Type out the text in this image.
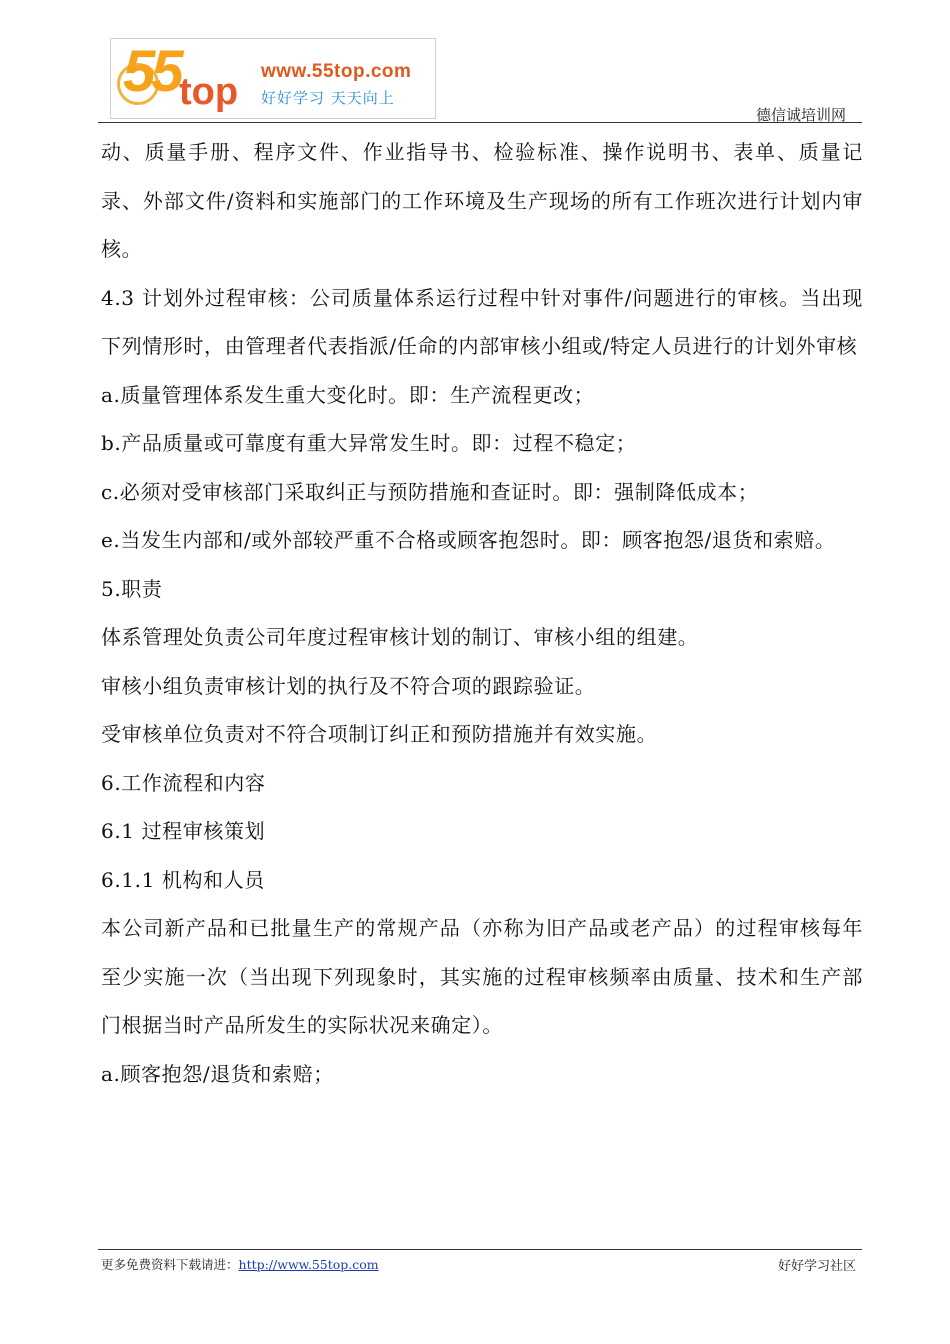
55 top www.55top.com
好好学习 天天向上
德信诚培训网

动、质量手册、程序文件、作业指导书、检验标准、操作说明书、表单、质量记录、外部文件/资料和实施部门的工作环境及生产现场的所有工作班次进行计划内审核。

4.3 计划外过程审核：公司质量体系运行过程中针对事件/问题进行的审核。当出现下列情形时，由管理者代表指派/任命的内部审核小组或/特定人员进行的计划外审核

a.质量管理体系发生重大变化时。即：生产流程更改；

b.产品质量或可靠度有重大异常发生时。即：过程不稳定；

c.必须对受审核部门采取纠正与预防措施和查证时。即：强制降低成本；

e.当发生内部和/或外部较严重不合格或顾客抱怨时。即：顾客抱怨/退货和索赔。

5.职责

体系管理处负责公司年度过程审核计划的制订、审核小组的组建。

审核小组负责审核计划的执行及不符合项的跟踪验证。

受审核单位负责对不符合项制订纠正和预防措施并有效实施。

6.工作流程和内容

6.1 过程审核策划

6.1.1 机构和人员

本公司新产品和已批量生产的常规产品（亦称为旧产品或老产品）的过程审核每年至少实施一次（当出现下列现象时，其实施的过程审核频率由质量、技术和生产部门根据当时产品所发生的实际状况来确定）。

a.顾客抱怨/退货和索赔；

更多免费资料下载请进：http://www.55top.com	好好学习社区
